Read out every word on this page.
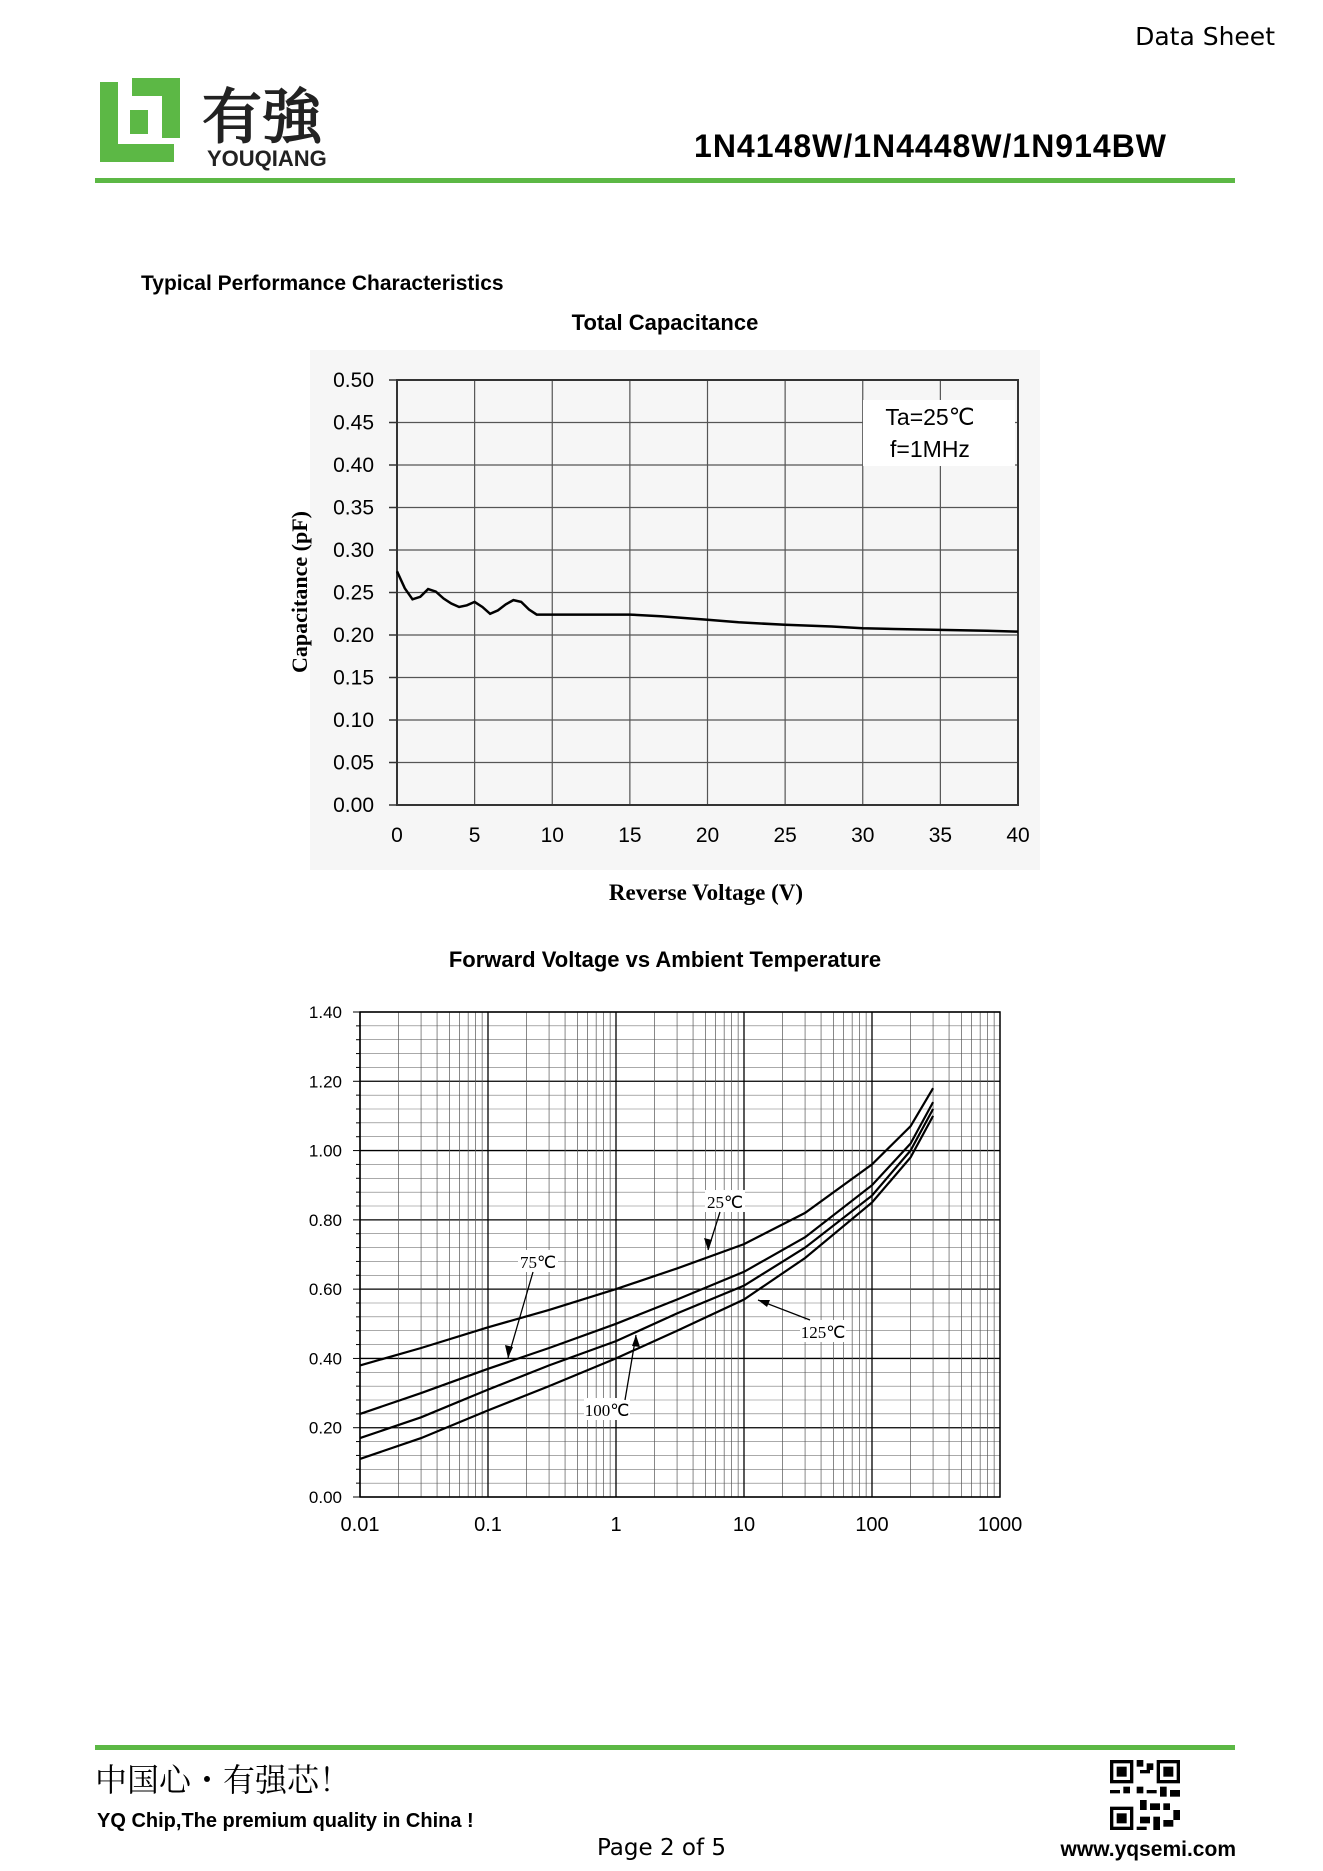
Data Sheet
有強
YOUQIANG	1N4148W/1N4448W/1N914BW
Typical Performance Characteristics
Total Capacitance
0	5	10	15	20	25	30	35	40
0.00
0.05
0.10
0.15
0.20
0.25
0.30
0.35
0.40
0.45
0.50
Ta=25℃
f=1MHz
Capacitance (pF)
Reverse Voltage (V)
Forward Voltage vs Ambient Temperature
0.01	0.1	1	10	100	1000
0.00
0.20
0.40
0.60
0.80
1.00
1.20
1.40
25℃
75℃
100℃
125℃
中国心・有强芯！
YQ Chip,The premium quality in China !
Page 2 of 5	www.yqsemi.com
